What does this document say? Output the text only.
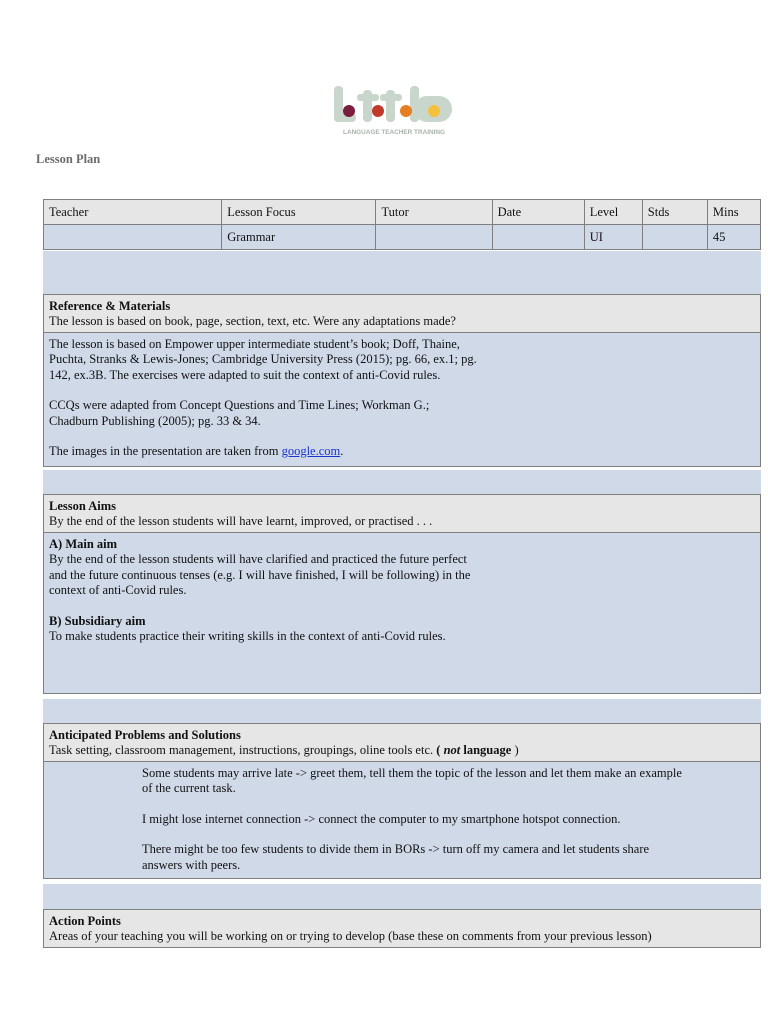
LANGUAGE TEACHER TRAINING
Lesson Plan
Teacher	Lesson Focus	Tutor	Date	Level	Stds	Mins
	Grammar			UI		45

Reference & Materials

The lesson is based on book, page, section, text, etc. Were any adaptations made?

The lesson is based on Empower upper intermediate student’s book; Doff, Thaine,

Puchta, Stranks & Lewis-Jones; Cambridge University Press (2015); pg. 66, ex.1; pg.

142, ex.3B. The exercises were adapted to suit the context of anti-Covid rules.

CCQs were adapted from Concept Questions and Time Lines; Workman G.;

Chadburn Publishing (2005); pg. 33 & 34.

The images in the presentation are taken from google.com.

Lesson Aims

By the end of the lesson students will have learnt, improved, or practised . . .

A) Main aim

By the end of the lesson students will have clarified and practiced the future perfect

and the future continuous tenses (e.g. I will have finished, I will be following) in the

context of anti-Covid rules.

B) Subsidiary aim

To make students practice their writing skills in the context of anti-Covid rules.

Anticipated Problems and Solutions

Task setting, classroom management, instructions, groupings, oline tools etc. ( not language )

Some students may arrive late -> greet them, tell them the topic of the lesson and let them make an example

of the current task.

I might lose internet connection -> connect the computer to my smartphone hotspot connection.

There might be too few students to divide them in BORs -> turn off my camera and let students share

answers with peers.

Action Points

Areas of your teaching you will be working on or trying to develop (base these on comments from your previous lesson)
